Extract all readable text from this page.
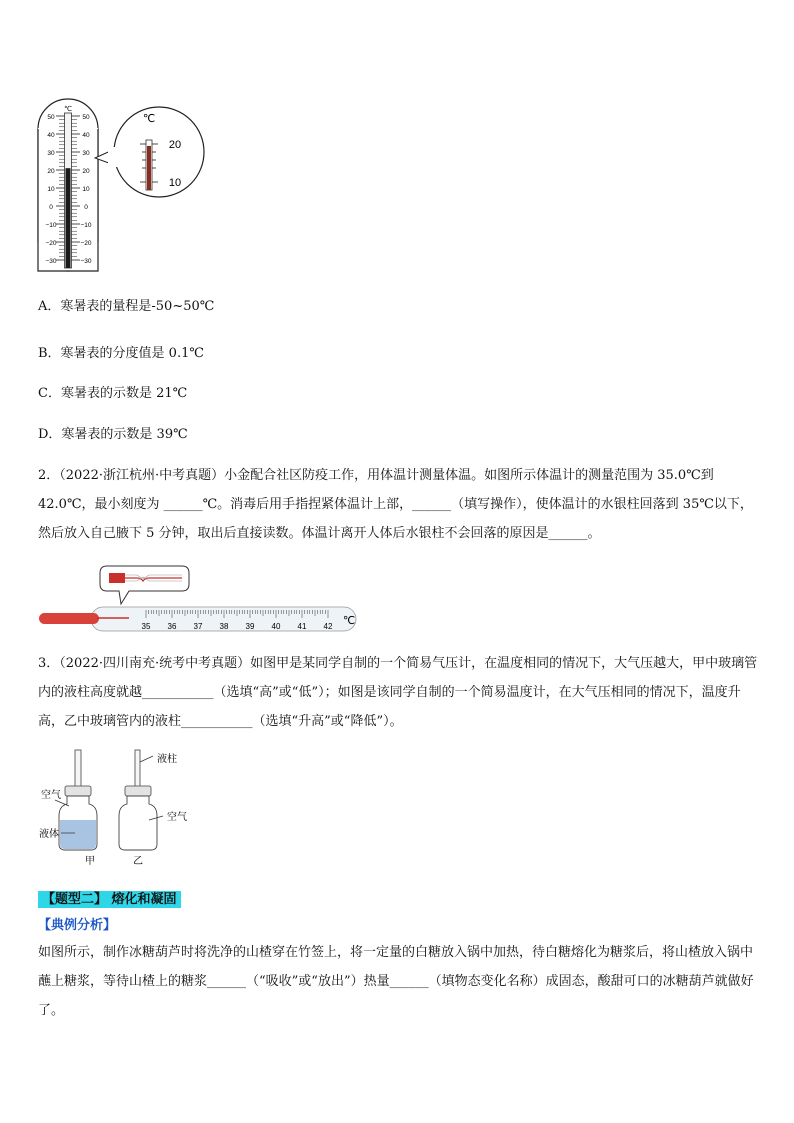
℃
50
40
30
20
10
0
−10
−20
−30
50
40
30
20
10
0
−10
−20
−30
℃
20
10
A．寒暑表的量程是-50~50℃
B．寒暑表的分度值是 0.1℃
C．寒暑表的示数是 21℃
D．寒暑表的示数是 39℃
2．（2022·浙江杭州·中考真题）小金配合社区防疫工作，用体温计测量体温。如图所示体温计的测量范围为 35.0℃到 42.0℃，最小刻度为 ______℃。消毒后用手指捏紧体温计上部，______（填写操作），使体温计的水银柱回落到 35℃以下，然后放入自己腋下 5 分钟，取出后直接读数。体温计离开人体后水银柱不会回落的原因是______。
35 36 37 38 39 40 41 42 ℃
3．（2022·四川南充·统考中考真题）如图甲是某同学自制的一个简易气压计，在温度相同的情况下，大气压越大，甲中玻璃管内的液柱高度就越___________（选填“高”或“低”）；如图是该同学自制的一个简易温度计，在大气压相同的情况下，温度升高，乙中玻璃管内的液柱___________（选填“升高”或“降低”）。
空气
液体
甲
液柱
空气
乙
【题型二】 熔化和凝固
【典例分析】
如图所示，制作冰糖葫芦时将洗净的山楂穿在竹签上，将一定量的白糖放入锅中加热，待白糖熔化为糖浆后，将山楂放入锅中蘸上糖浆，等待山楂上的糖浆______（“吸收”或“放出”）热量______（填物态变化名称）成固态，酸甜可口的冰糖葫芦就做好了。
